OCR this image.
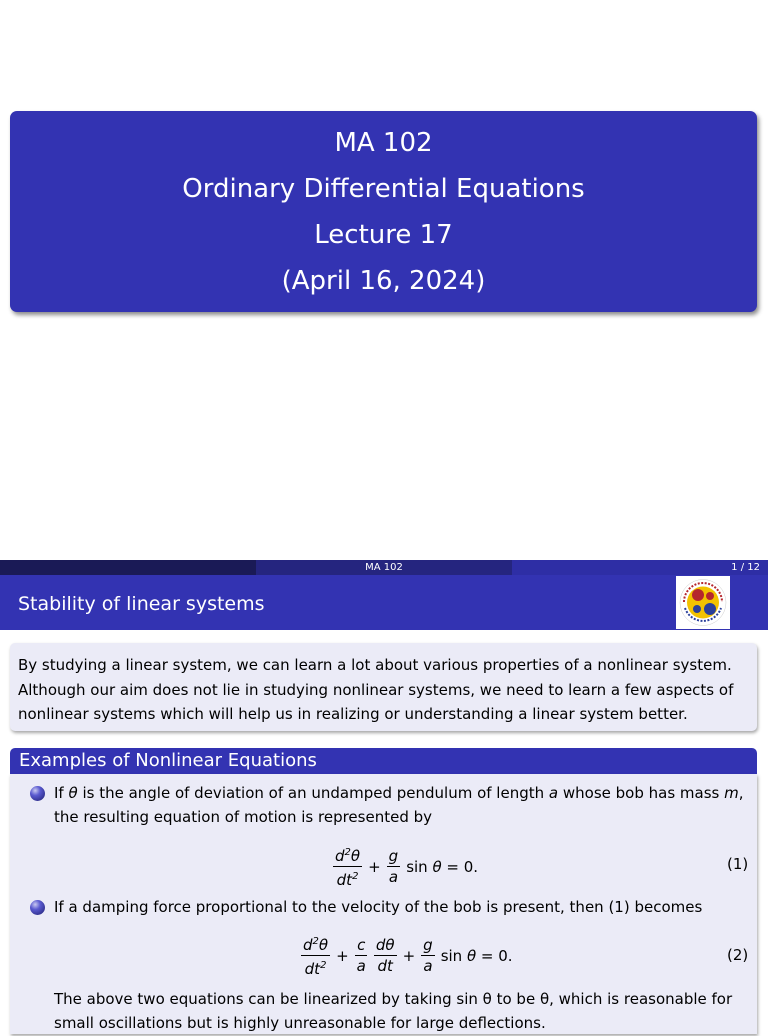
MA 102
Ordinary Differential Equations
Lecture 17
(April 16, 2024)
MA 102	1 / 12
Stability of linear systems
By studying a linear system, we can learn a lot about various properties of a nonlinear system.
Although our aim does not lie in studying nonlinear systems, we need to learn a few aspects of
nonlinear systems which will help us in realizing or understanding a linear system better.
Examples of Nonlinear Equations
If θ is the angle of deviation of an undamped pendulum of length a whose bob has mass m,
the resulting equation of motion is represented by
$\frac{d^2\theta}{dt^2} + \frac{g}{a}$ sin θ = 0.	(1)
If a damping force proportional to the velocity of the bob is present, then (1) becomes
$\frac{d^2\theta}{dt^2} + \frac{c}{a} \frac{d\theta}{dt} + \frac{g}{a}$ sin θ = 0.	(2)
The above two equations can be linearized by taking sin θ to be θ, which is reasonable for
small oscillations but is highly unreasonable for large deflections.
